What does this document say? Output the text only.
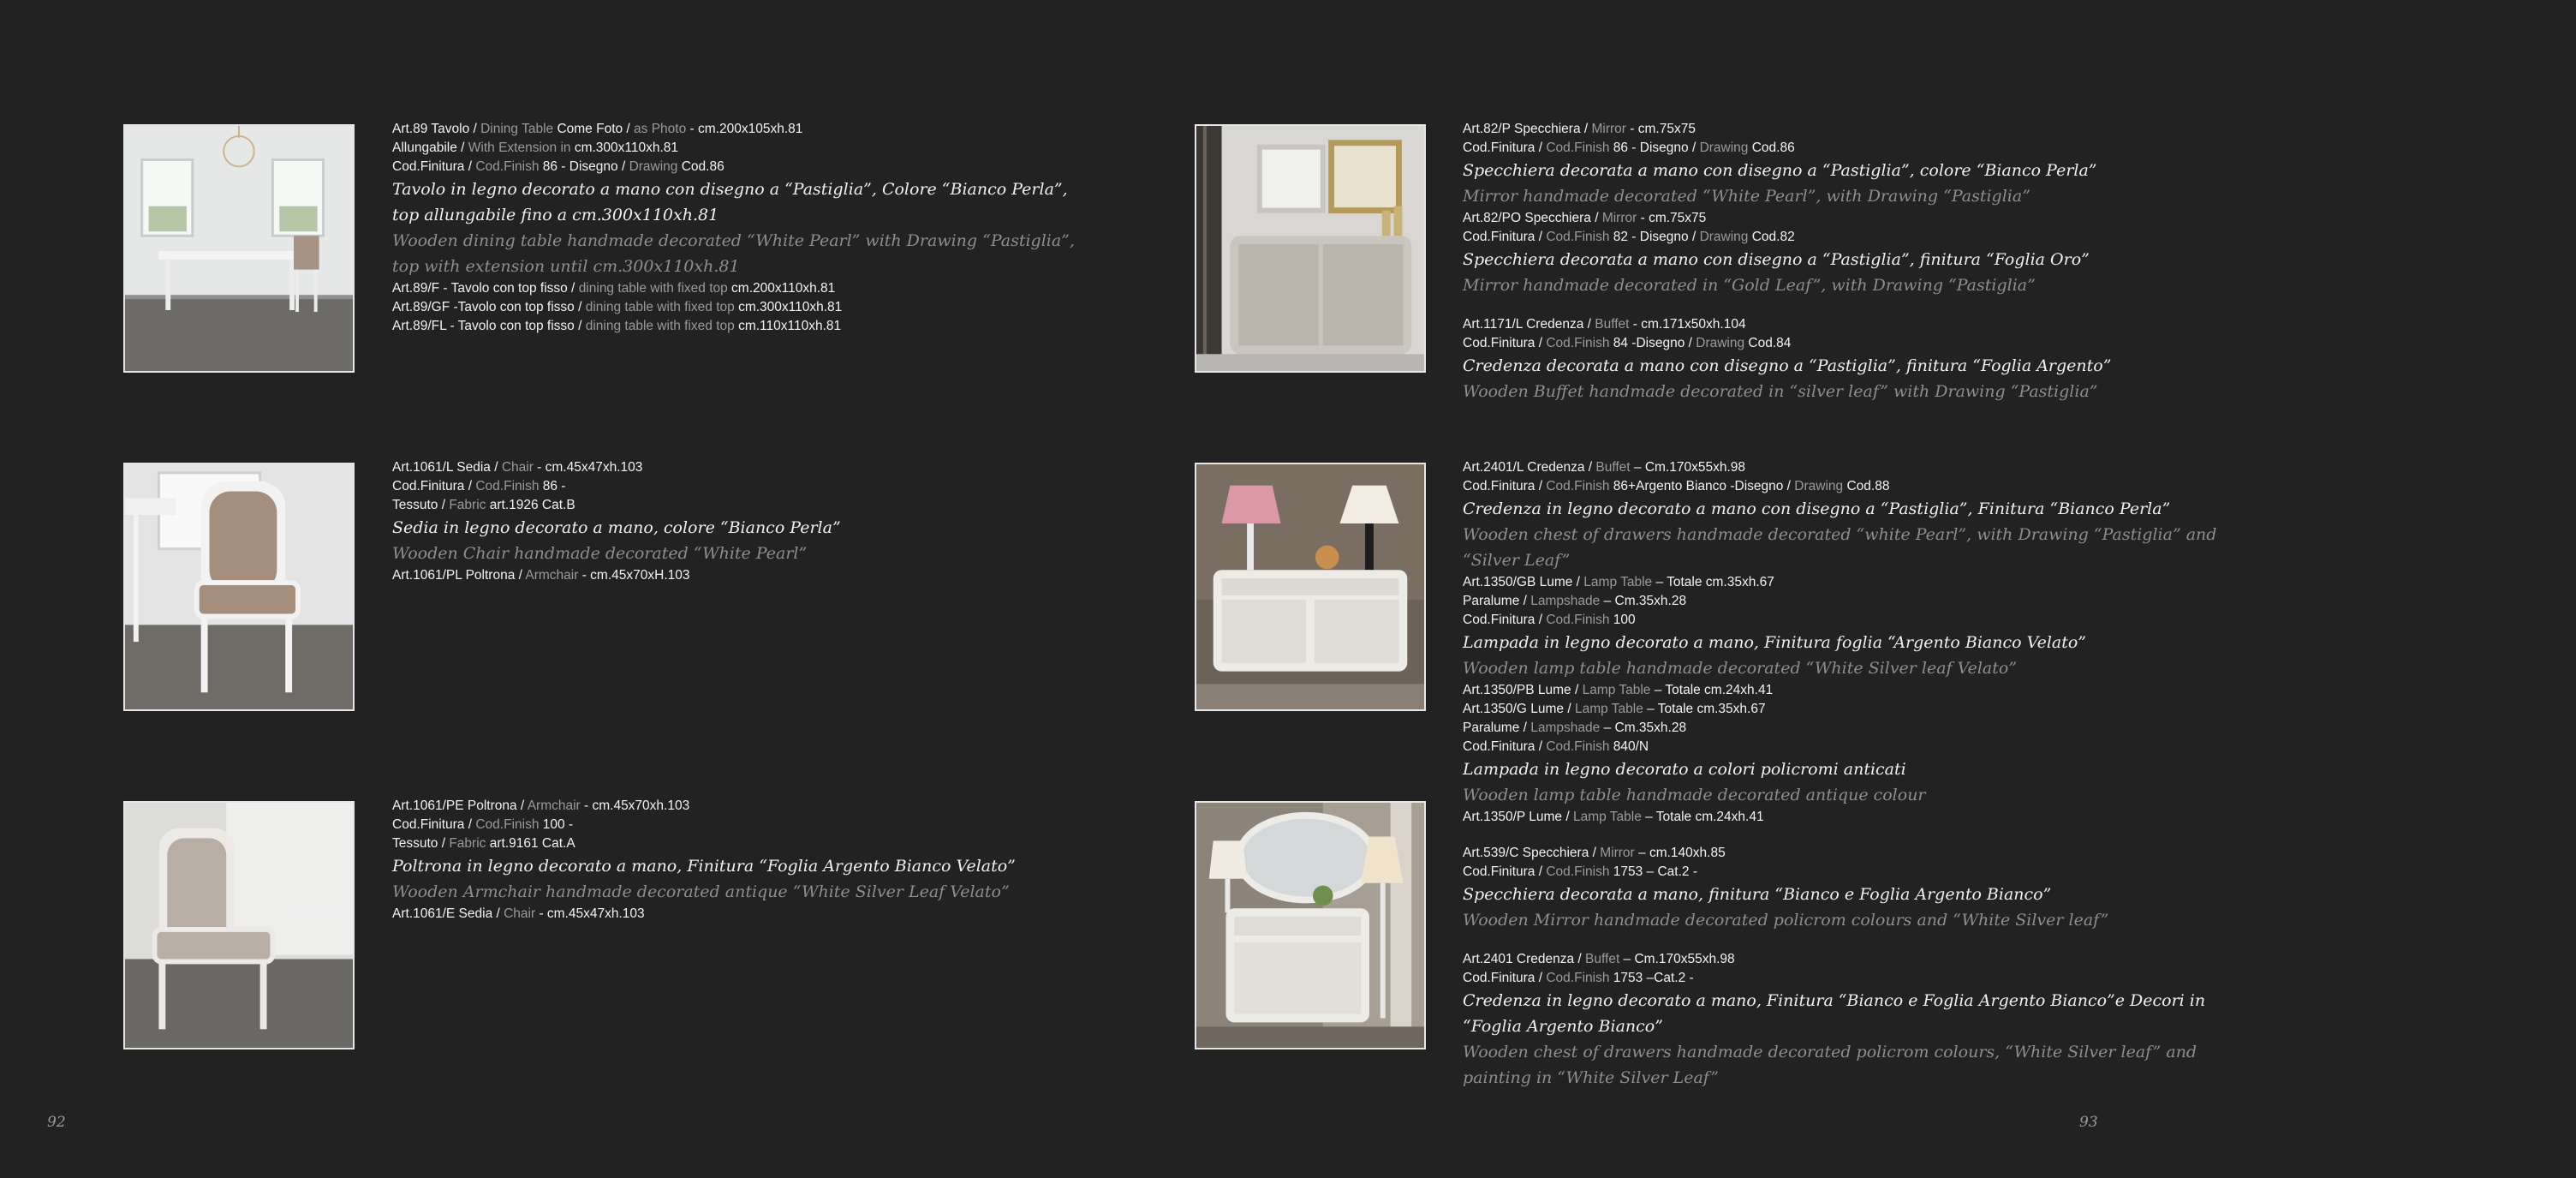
Art.89 Tavolo / Dining Table Come Foto / as Photo - cm.200x105xh.81
Allungabile / With Extension in cm.300x110xh.81
Cod.Finitura / Cod.Finish 86 - Disegno / Drawing Cod.86
Tavolo in legno decorato a mano con disegno a “Pastiglia”, Colore “Bianco Perla”,
top allungabile fino a cm.300x110xh.81
Wooden dining table handmade decorated “White Pearl” with Drawing “Pastiglia”,
top with extension until cm.300x110xh.81
Art.89/F - Tavolo con top fisso / dining table with fixed top cm.200x110xh.81
Art.89/GF -Tavolo con top fisso / dining table with fixed top cm.300x110xh.81
Art.89/FL - Tavolo con top fisso / dining table with fixed top cm.110x110xh.81
Art.1061/L Sedia / Chair - cm.45x47xh.103
Cod.Finitura / Cod.Finish 86 -
Tessuto / Fabric art.1926 Cat.B
Sedia in legno decorato a mano, colore “Bianco Perla”
Wooden Chair handmade decorated “White Pearl”
Art.1061/PL Poltrona / Armchair - cm.45x70xH.103
Art.1061/PE Poltrona / Armchair - cm.45x70xh.103
Cod.Finitura / Cod.Finish 100 -
Tessuto / Fabric art.9161 Cat.A
Poltrona in legno decorato a mano, Finitura “Foglia Argento Bianco Velato”
Wooden Armchair handmade decorated antique “White Silver Leaf Velato”
Art.1061/E Sedia / Chair - cm.45x47xh.103
Art.82/P Specchiera / Mirror - cm.75x75
Cod.Finitura / Cod.Finish 86 - Disegno / Drawing Cod.86
Specchiera decorata a mano con disegno a “Pastiglia”, colore “Bianco Perla”
Mirror handmade decorated “White Pearl”, with Drawing “Pastiglia”
Art.82/PO Specchiera / Mirror - cm.75x75
Cod.Finitura / Cod.Finish 82 - Disegno / Drawing Cod.82
Specchiera decorata a mano con disegno a “Pastiglia”, finitura “Foglia Oro”
Mirror handmade decorated in “Gold Leaf”, with Drawing “Pastiglia”
Art.1171/L Credenza / Buffet - cm.171x50xh.104
Cod.Finitura / Cod.Finish 84 -Disegno / Drawing Cod.84
Credenza decorata a mano con disegno a “Pastiglia”, finitura “Foglia Argento”
Wooden Buffet handmade decorated in “silver leaf” with Drawing “Pastiglia”
Art.2401/L Credenza / Buffet – Cm.170x55xh.98
Cod.Finitura / Cod.Finish 86+Argento Bianco -Disegno / Drawing Cod.88
Credenza in legno decorato a mano con disegno a “Pastiglia”, Finitura “Bianco Perla”
Wooden chest of drawers handmade decorated “white Pearl”, with Drawing “Pastiglia” and
“Silver Leaf”
Art.1350/GB Lume / Lamp Table – Totale cm.35xh.67
Paralume / Lampshade – Cm.35xh.28
Cod.Finitura / Cod.Finish 100
Lampada in legno decorato a mano, Finitura foglia “Argento Bianco Velato”
Wooden lamp table handmade decorated “White Silver leaf Velato”
Art.1350/PB Lume / Lamp Table – Totale cm.24xh.41
Art.1350/G Lume / Lamp Table – Totale cm.35xh.67
Paralume / Lampshade – Cm.35xh.28
Cod.Finitura / Cod.Finish 840/N
Lampada in legno decorato a colori policromi anticati
Wooden lamp table handmade decorated antique colour
Art.1350/P Lume / Lamp Table – Totale cm.24xh.41
Art.539/C Specchiera / Mirror – cm.140xh.85
Cod.Finitura / Cod.Finish 1753 – Cat.2 -
Specchiera decorata a mano, finitura “Bianco e Foglia Argento Bianco”
Wooden Mirror handmade decorated policrom colours and “White Silver leaf”
Art.2401 Credenza / Buffet – Cm.170x55xh.98
Cod.Finitura / Cod.Finish 1753 –Cat.2 -
Credenza in legno decorato a mano, Finitura “Bianco e Foglia Argento Bianco”e Decori in
“Foglia Argento Bianco”
Wooden chest of drawers handmade decorated policrom colours, “White Silver leaf” and
painting in “White Silver Leaf”
92	93
